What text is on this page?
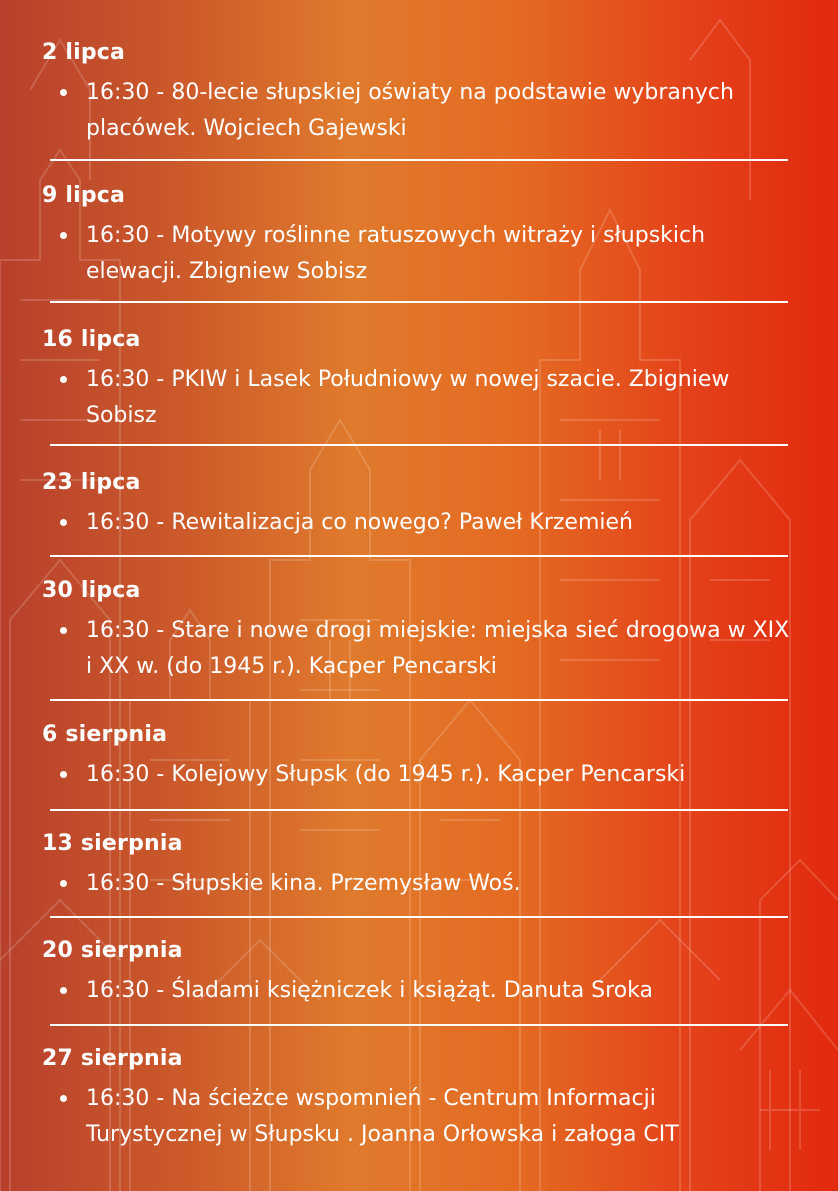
2 lipca
16:30 - 80-lecie słupskiej oświaty na podstawie wybranych placówek. Wojciech Gajewski
9 lipca
16:30 - Motywy roślinne ratuszowych witraży i słupskich elewacji. Zbigniew Sobisz
16 lipca
16:30 - PKIW i Lasek Południowy w nowej szacie. Zbigniew Sobisz
23 lipca
16:30 - Rewitalizacja co nowego? Paweł Krzemień
30 lipca
16:30 - Stare i nowe drogi miejskie: miejska sieć drogowa w XIX i XX w. (do 1945 r.). Kacper Pencarski
6 sierpnia
16:30 - Kolejowy Słupsk (do 1945 r.). Kacper Pencarski
13 sierpnia
16:30 - Słupskie kina. Przemysław Woś.
20 sierpnia
16:30 - Śladami księżniczek i książąt. Danuta Sroka
27 sierpnia
16:30 - Na ścieżce wspomnień - Centrum Informacji Turystycznej w Słupsku . Joanna Orłowska i załoga CIT
